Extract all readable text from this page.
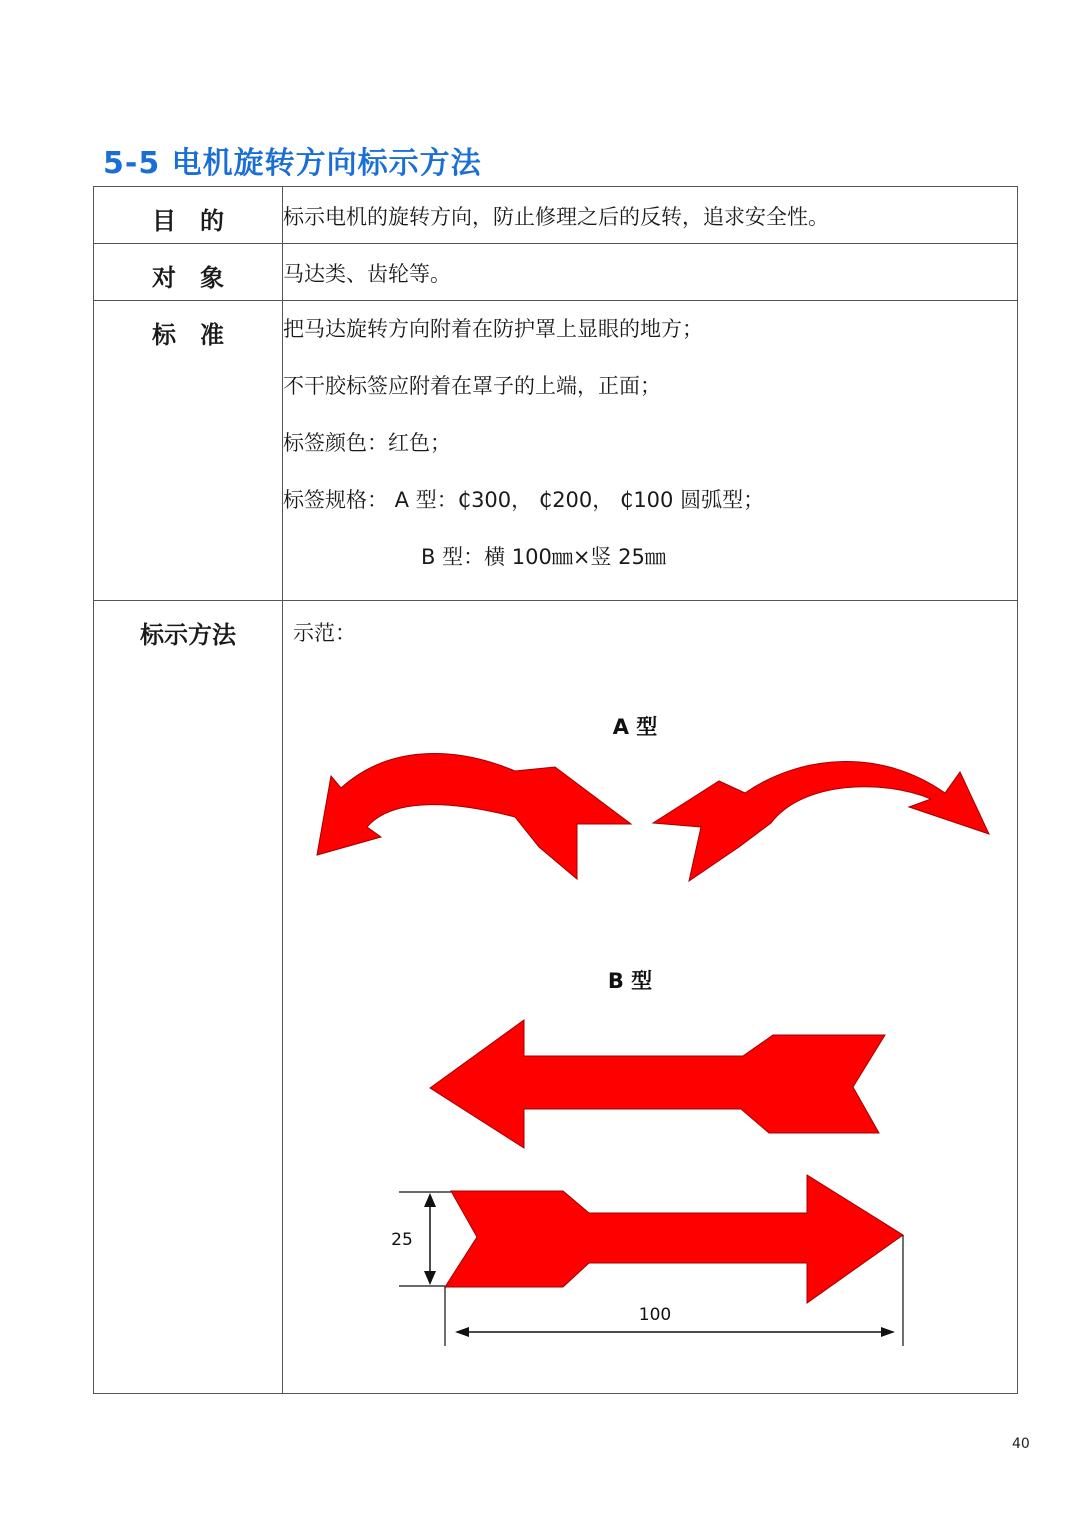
5-5 电机旋转方向标示方法
目　的	标示电机的旋转方向，防止修理之后的反转，追求安全性。

对　象	马达类、齿轮等。

标　准	把马达旋转方向附着在防护罩上显眼的地方；
不干胶标签应附着在罩子的上端，正面；
标签颜色：红色；
标签规格： A 型：₵300， ₵200， ₵100 圆弧型；
B 型：横 100㎜×竖 25㎜

标示方法	示范：
A 型
B 型
25
100
40
